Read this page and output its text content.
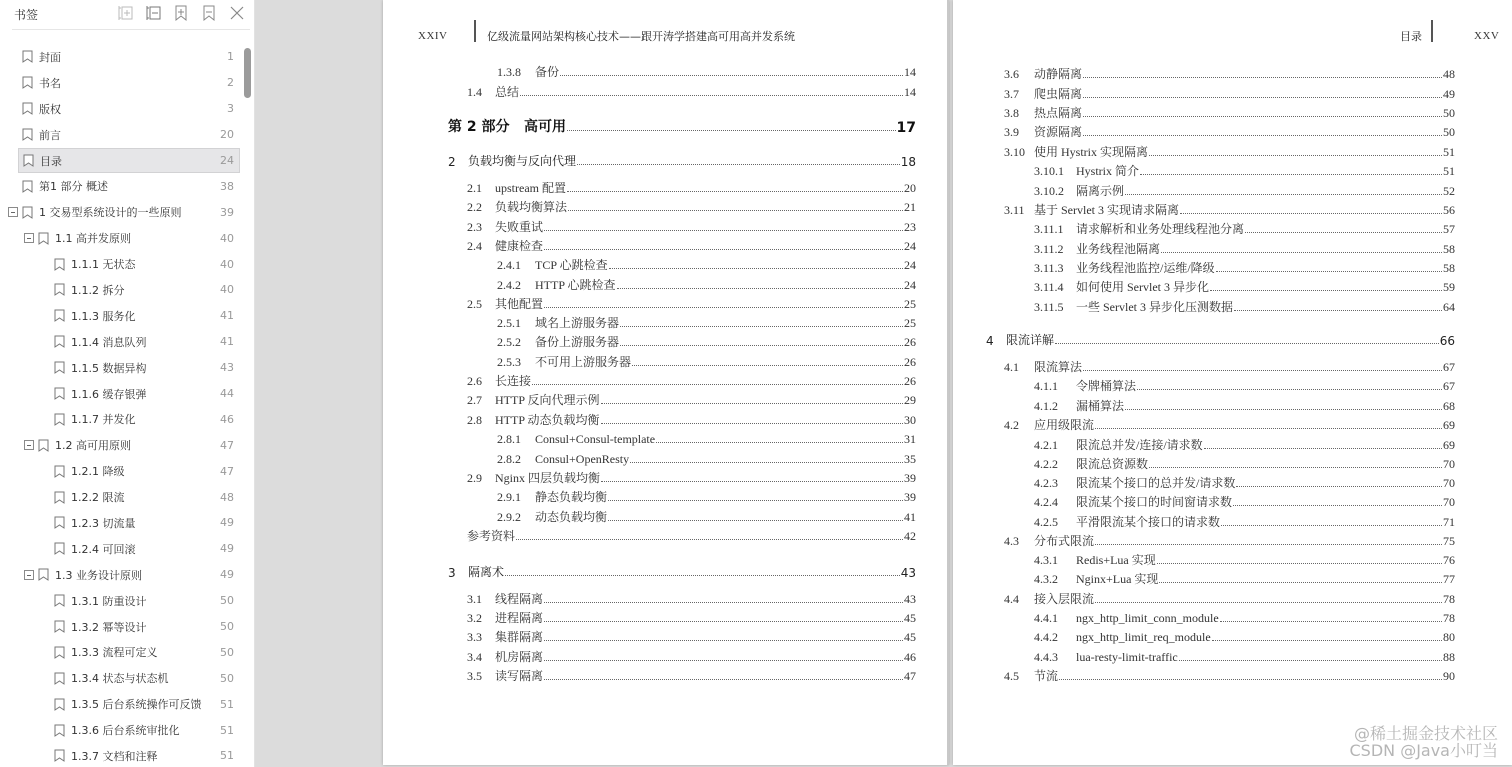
书签
封面	1
书名	2
版权	3
前言	20
目录	24
第1 部分 概述	38
1 交易型系统设计的一些原则	39
1.1 高并发原则	40
1.1.1 无状态	40
1.1.2 拆分	40
1.1.3 服务化	41
1.1.4 消息队列	41
1.1.5 数据异构	43
1.1.6 缓存银弹	44
1.1.7 并发化	46
1.2 高可用原则	47
1.2.1 降级	47
1.2.2 限流	48
1.2.3 切流量	49
1.2.4 可回滚	49
1.3 业务设计原则	49
1.3.1 防重设计	50
1.3.2 幂等设计	50
1.3.3 流程可定义	50
1.3.4 状态与状态机	50
1.3.5 后台系统操作可反馈 51
1.3.6 后台系统审批化	51
1.3.7 文档和注释	51
XXIV	亿级流量网站架构核心技术——跟开涛学搭建高可用高并发系统
1.3.8	备份	14
1.4	总结	14
第 2 部分	高可用	17
2	负载均衡与反向代理	18
2.1	upstream 配置	20
2.2	负载均衡算法	21
2.3	失败重试	23
2.4	健康检查	24
2.4.1	TCP 心跳检查	24
2.4.2	HTTP 心跳检查	24
2.5	其他配置	25
2.5.1	域名上游服务器	25
2.5.2	备份上游服务器	26
2.5.3	不可用上游服务器	26
2.6	长连接	26
2.7	HTTP 反向代理示例	29
2.8	HTTP 动态负载均衡	30
2.8.1	Consul+Consul-template	31
2.8.2	Consul+OpenResty	35
2.9	Nginx 四层负载均衡	39
2.9.1	静态负载均衡	39
2.9.2	动态负载均衡	41
参考资料	42
3	隔离术	43
3.1	线程隔离	43
3.2	进程隔离	45
3.3	集群隔离	45
3.4	机房隔离	46
3.5	读写隔离	47
目录	XXV
3.6	动静隔离	48
3.7	爬虫隔离	49
3.8	热点隔离	50
3.9	资源隔离	50
3.10 使用 Hystrix 实现隔离	51
3.10.1	Hystrix 简介	51
3.10.2	隔离示例	52
3.11 基于 Servlet 3 实现请求隔离	56
3.11.1	请求解析和业务处理线程池分离	57
3.11.2	业务线程池隔离	58
3.11.3	业务线程池监控/运维/降级	58
3.11.4	如何使用 Servlet 3 异步化	59
3.11.5	一些 Servlet 3 异步化压测数据	64
4	限流详解	66
4.1	限流算法	67
4.1.1	令牌桶算法	67
4.1.2	漏桶算法	68
4.2	应用级限流	69
4.2.1	限流总并发/连接/请求数	69
4.2.2	限流总资源数	70
4.2.3	限流某个接口的总并发/请求数	70
4.2.4	限流某个接口的时间窗请求数	70
4.2.5	平滑限流某个接口的请求数	71
4.3	分布式限流	75
4.3.1	Redis+Lua 实现	76
4.3.2	Nginx+Lua 实现	77
4.4	接入层限流	78
4.4.1	ngx_http_limit_conn_module	78
4.4.2	ngx_http_limit_req_module	80
4.4.3	lua-resty-limit-traffic	88
4.5	节流	90
@稀土掘金技术社区
CSDN @Java小叮当
